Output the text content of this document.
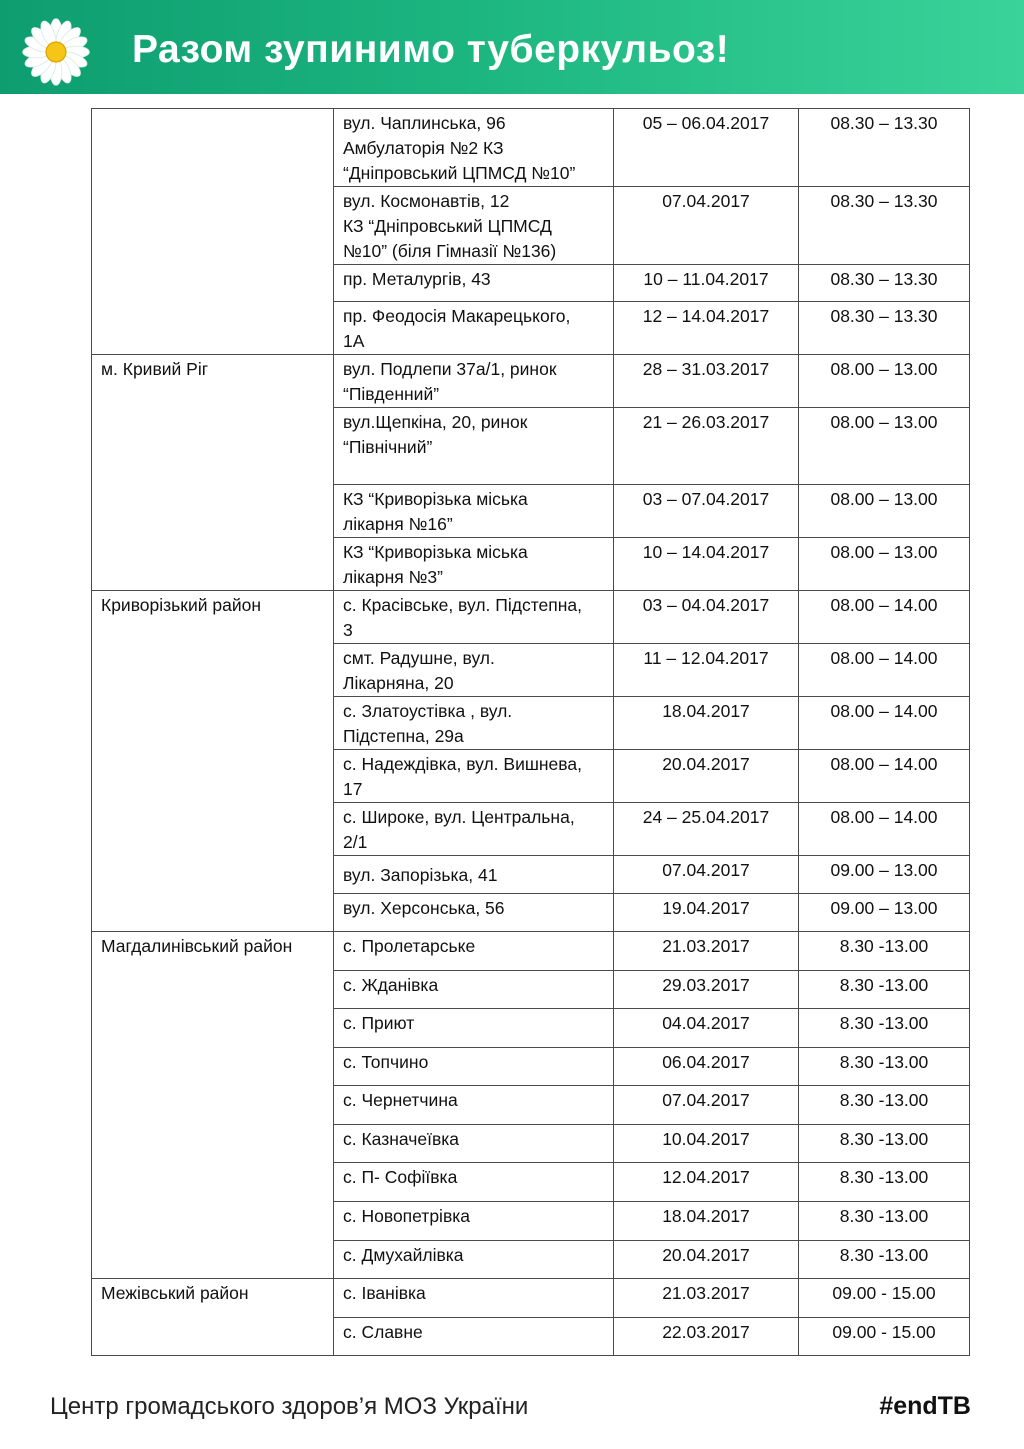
Разом зупинимо туберкульоз!
	вул. Чаплинська, 96
Амбулаторія №2 КЗ
“Дніпровський ЦПМСД №10”	05 – 06.04.2017	08.30 – 13.30
	вул. Космонавтів, 12
КЗ “Дніпровський ЦПМСД
№10” (біля Гімназії №136)	07.04.2017	08.30 – 13.30
	пр. Металургів, 43	10 – 11.04.2017	08.30 – 13.30
	пр. Феодосія Макарецького,
1А	12 – 14.04.2017	08.30 – 13.30
м. Кривий Ріг	вул. Подлепи 37а/1, ринок
“Південний”	28 – 31.03.2017	08.00 – 13.00
	вул.Щепкіна, 20, ринок
“Північний”	21 – 26.03.2017	08.00 – 13.00
	КЗ “Криворізька міська
лікарня №16”	03 – 07.04.2017	08.00 – 13.00
	КЗ “Криворізька міська
лікарня №3”	10 – 14.04.2017	08.00 – 13.00
Криворізький район	с. Красівське, вул. Підстепна,
3	03 – 04.04.2017	08.00 – 14.00
	смт. Радушне, вул.
Лікарняна, 20	11 – 12.04.2017	08.00 – 14.00
	с. Златоустівка , вул.
Підстепна, 29а	18.04.2017	08.00 – 14.00
	с. Надеждівка, вул. Вишнева,
17	20.04.2017	08.00 – 14.00
	с. Широке, вул. Центральна,
2/1	24 – 25.04.2017	08.00 – 14.00
	вул. Запорізька, 41	07.04.2017	09.00 – 13.00
	вул. Херсонська, 56	19.04.2017	09.00 – 13.00
Магдалинівський район	с. Пролетарське	21.03.2017	8.30 -13.00
	с. Жданівка	29.03.2017	8.30 -13.00
	с. Приют	04.04.2017	8.30 -13.00
	с. Топчино	06.04.2017	8.30 -13.00
	с. Чернетчина	07.04.2017	8.30 -13.00
	с. Казначеївка	10.04.2017	8.30 -13.00
	с. П- Софіївка	12.04.2017	8.30 -13.00
	с. Новопетрівка	18.04.2017	8.30 -13.00
	с. Дмухайлівка	20.04.2017	8.30 -13.00
Межівський район	с. Іванівка	21.03.2017	09.00 - 15.00
	с. Славне	22.03.2017	09.00 - 15.00
Центр громадського здоров’я МОЗ України	#endTB
